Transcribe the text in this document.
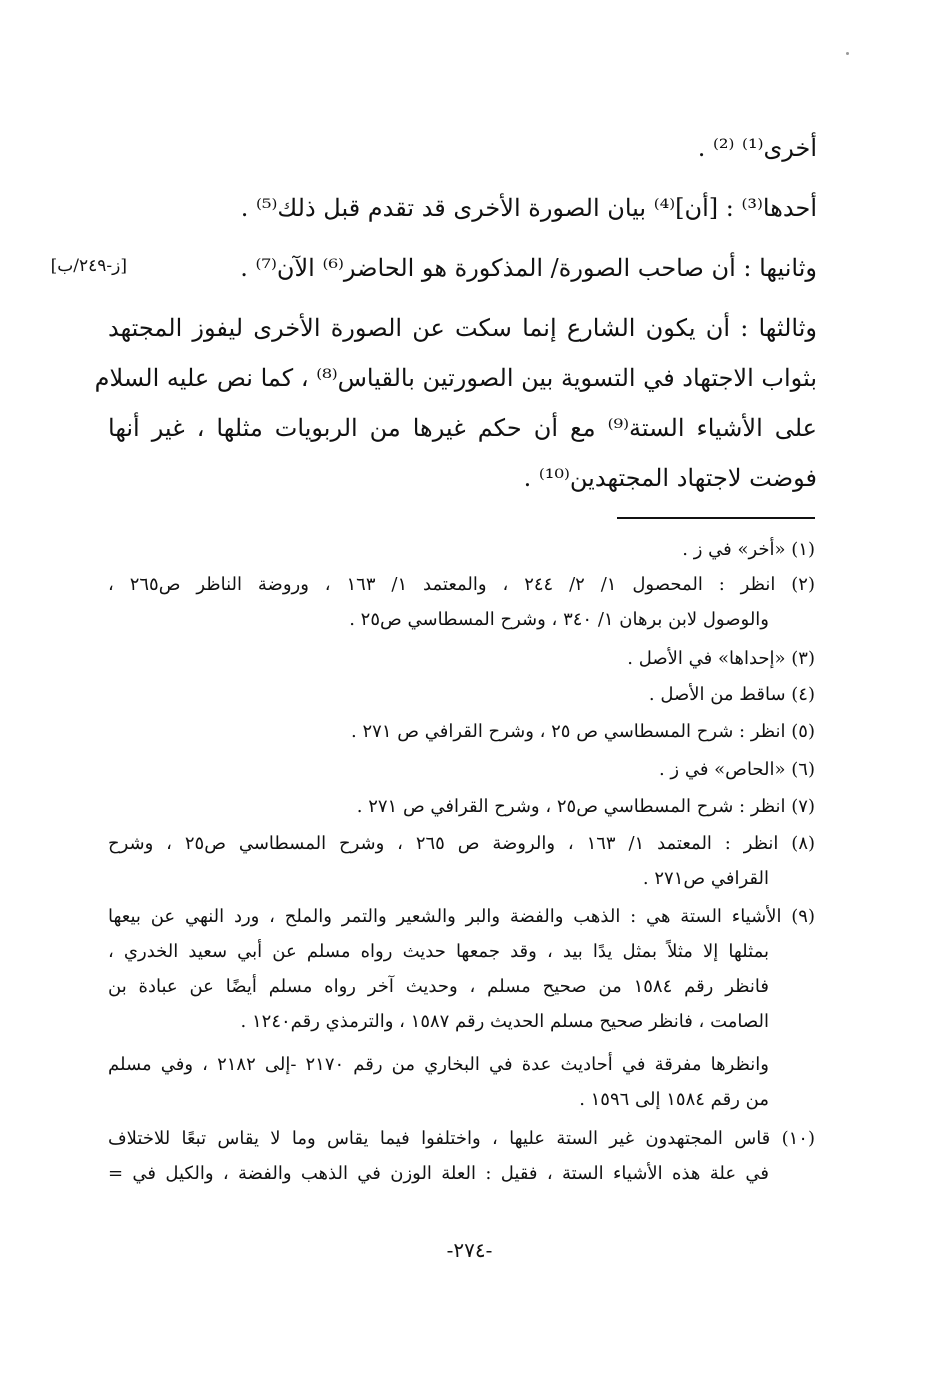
أخرى⁽¹⁾ ⁽²⁾ .
أحدها⁽³⁾ : [أن]⁽⁴⁾ بيان الصورة الأخرى قد تقدم قبل ذلك⁽⁵⁾ .
وثانيها : أن صاحب الصورة/ المذكورة هو الحاضر⁽⁶⁾ الآن⁽⁷⁾ .
[ز-٢٤٩/ب]
وثالثها : أن يكون الشارع إنما سكت عن الصورة الأخرى ليفوز المجتهد
بثواب الاجتهاد في التسوية بين الصورتين بالقياس⁽⁸⁾ ، كما نص عليه السلام
على الأشياء الستة⁽⁹⁾ مع أن حكم غيرها من الربويات مثلها ، غير أنها
فوضت لاجتهاد المجتهدين⁽¹⁰⁾ .
(١) «أخر» في ز .
(٢) انظر : المحصول ١/ ٢/ ٢٤٤ ، والمعتمد ١/ ١٦٣ ، وروضة الناظر ص٢٦٥ ،
والوصول لابن برهان ١/ ٣٤٠ ، وشرح المسطاسي ص٢٥ .
(٣) «إحداها» في الأصل .
(٤) ساقط من الأصل .
(٥) انظر : شرح المسطاسي ص ٢٥ ، وشرح القرافي ص ٢٧١ .
(٦) «الحاص» في ز .
(٧) انظر : شرح المسطاسي ص٢٥ ، وشرح القرافي ص ٢٧١ .
(٨) انظر : المعتمد ١/ ١٦٣ ، والروضة ص ٢٦٥ ، وشرح المسطاسي ص٢٥ ، وشرح
القرافي ص٢٧١ .
(٩) الأشياء الستة هي : الذهب والفضة والبر والشعير والتمر والملح ، ورد النهي عن بيعها
بمثلها إلا مثلاً بمثل يدًا بيد ، وقد جمعها حديث رواه مسلم عن أبي سعيد الخدري ،
فانظر رقم ١٥٨٤ من صحيح مسلم ، وحديث آخر رواه مسلم أيضًا عن عبادة بن
الصامت ، فانظر صحيح مسلم الحديث رقم ١٥٨٧ ، والترمذي رقم١٢٤٠ .
وانظرها مفرقة في أحاديث عدة في البخاري من رقم ٢١٧٠ -إلى ٢١٨٢ ، وفي مسلم
من رقم ١٥٨٤ إلى ١٥٩٦ .
(١٠) قاس المجتهدون غير الستة عليها ، واختلفوا فيما يقاس وما لا يقاس تبعًا للاختلاف
في علة هذه الأشياء الستة ، فقيل : العلة الوزن في الذهب والفضة ، والكيل في =
-٢٧٤-
